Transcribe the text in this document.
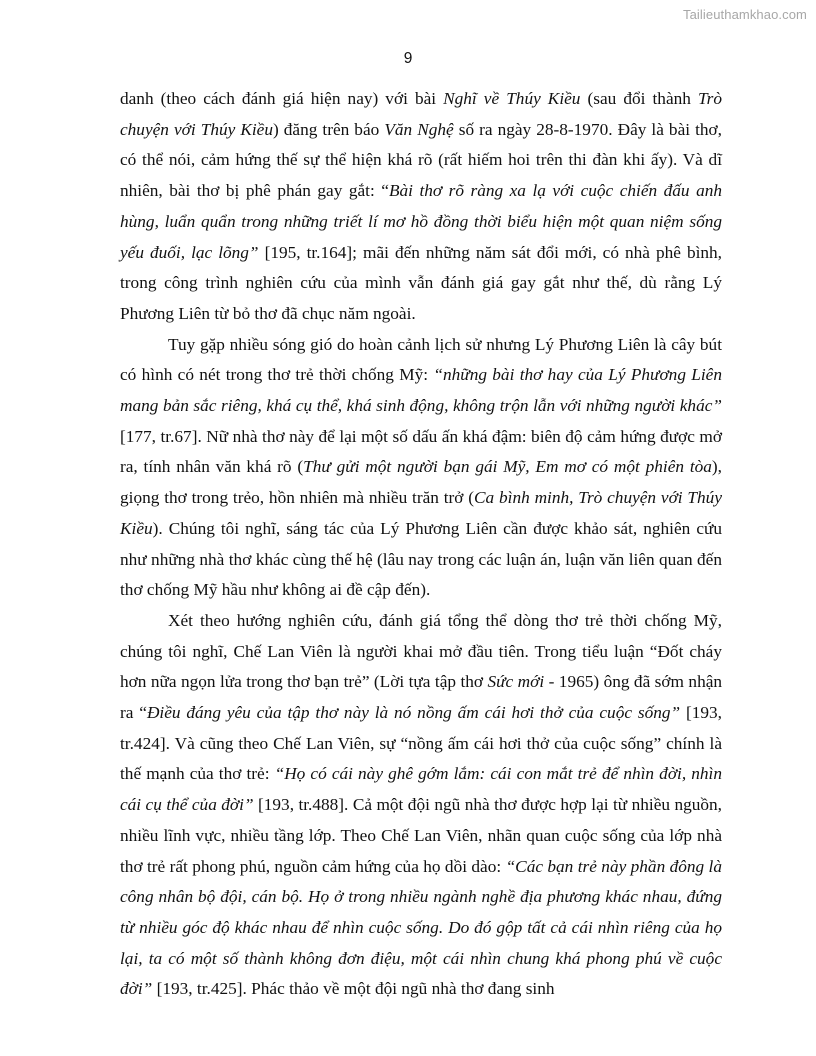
Tailieuthamkhao.com
9

danh (theo cách đánh giá hiện nay) với bài Nghĩ về Thúy Kiều (sau đổi thành Trò chuyện với Thúy Kiều) đăng trên báo Văn Nghệ số ra ngày 28-8-1970. Đây là bài thơ, có thể nói, cảm hứng thế sự thể hiện khá rõ (rất hiếm hoi trên thi đàn khi ấy). Và dĩ nhiên, bài thơ bị phê phán gay gắt: “Bài thơ rõ ràng xa lạ với cuộc chiến đấu anh hùng, luẩn quẩn trong những triết lí mơ hồ đồng thời biểu hiện một quan niệm sống yếu đuối, lạc lõng” [195, tr.164]; mãi đến những năm sát đổi mới, có nhà phê bình, trong công trình nghiên cứu của mình vẫn đánh giá gay gắt như thế, dù rằng Lý Phương Liên từ bỏ thơ đã chục năm ngoài.

Tuy gặp nhiều sóng gió do hoàn cảnh lịch sử nhưng Lý Phương Liên là cây bút có hình có nét trong thơ trẻ thời chống Mỹ: “những bài thơ hay của Lý Phương Liên mang bản sắc riêng, khá cụ thể, khá sinh động, không trộn lẫn với những người khác” [177, tr.67]. Nữ nhà thơ này để lại một số dấu ấn khá đậm: biên độ cảm hứng được mở ra, tính nhân văn khá rõ (Thư gửi một người bạn gái Mỹ, Em mơ có một phiên tòa), giọng thơ trong trẻo, hồn nhiên mà nhiều trăn trở (Ca bình minh, Trò chuyện với Thúy Kiều). Chúng tôi nghĩ, sáng tác của Lý Phương Liên cần được khảo sát, nghiên cứu như những nhà thơ khác cùng thế hệ (lâu nay trong các luận án, luận văn liên quan đến thơ chống Mỹ hầu như không ai đề cập đến).

Xét theo hướng nghiên cứu, đánh giá tổng thể dòng thơ trẻ thời chống Mỹ, chúng tôi nghĩ, Chế Lan Viên là người khai mở đầu tiên. Trong tiểu luận “Đốt cháy hơn nữa ngọn lửa trong thơ bạn trẻ” (Lời tựa tập thơ Sức mới - 1965) ông đã sớm nhận ra “Điều đáng yêu của tập thơ này là nó nồng ấm cái hơi thở của cuộc sống” [193, tr.424]. Và cũng theo Chế Lan Viên, sự “nồng ấm cái hơi thở của cuộc sống” chính là thế mạnh của thơ trẻ: “Họ có cái này ghê gớm lắm: cái con mắt trẻ để nhìn đời, nhìn cái cụ thể của đời” [193, tr.488]. Cả một đội ngũ nhà thơ được hợp lại từ nhiều nguồn, nhiều lĩnh vực, nhiều tầng lớp. Theo Chế Lan Viên, nhãn quan cuộc sống của lớp nhà thơ trẻ rất phong phú, nguồn cảm hứng của họ dồi dào: “Các bạn trẻ này phần đông là công nhân bộ đội, cán bộ. Họ ở trong nhiều ngành nghề địa phương khác nhau, đứng từ nhiều góc độ khác nhau để nhìn cuộc sống. Do đó gộp tất cả cái nhìn riêng của họ lại, ta có một số thành không đơn điệu, một cái nhìn chung khá phong phú về cuộc đời” [193, tr.425]. Phác thảo về một đội ngũ nhà thơ đang sinh
